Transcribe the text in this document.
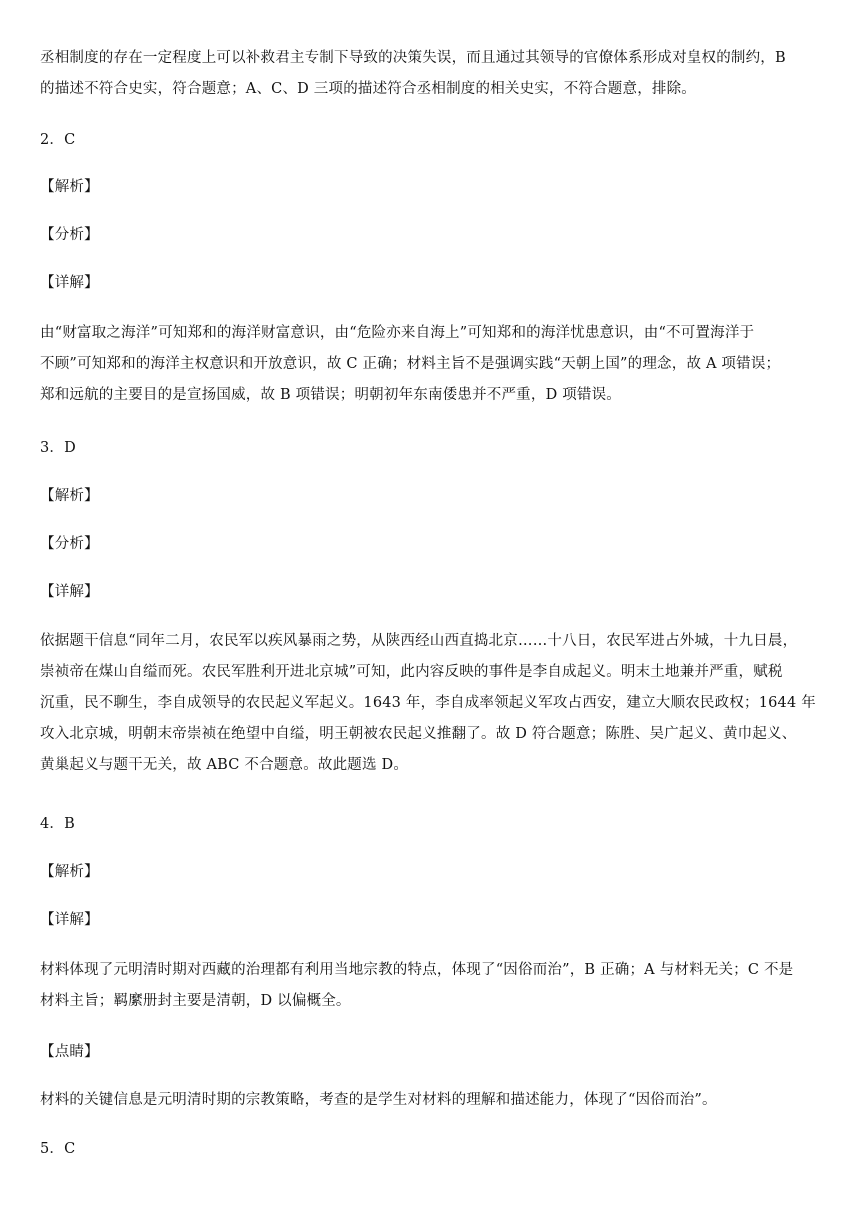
丞相制度的存在一定程度上可以补救君主专制下导致的决策失误，而且通过其领导的官僚体系形成对皇权的制约，B
的描述不符合史实，符合题意；A、C、D 三项的描述符合丞相制度的相关史实，不符合题意，排除。
2．C
【解析】
【分析】
【详解】
由“财富取之海洋”可知郑和的海洋财富意识，由“危险亦来自海上”可知郑和的海洋忧患意识，由“不可置海洋于
不顾”可知郑和的海洋主权意识和开放意识，故 C 正确；材料主旨不是强调实践“天朝上国”的理念，故 A 项错误；
郑和远航的主要目的是宣扬国威，故 B 项错误；明朝初年东南倭患并不严重，D 项错误。
3．D
【解析】
【分析】
【详解】
依据题干信息“同年二月，农民军以疾风暴雨之势，从陕西经山西直捣北京……十八日，农民军进占外城，十九日晨，
崇祯帝在煤山自缢而死。农民军胜利开进北京城”可知，此内容反映的事件是李自成起义。明末土地兼并严重，赋税
沉重，民不聊生，李自成领导的农民起义军起义。1643 年，李自成率领起义军攻占西安，建立大顺农民政权；1644 年
攻入北京城，明朝末帝崇祯在绝望中自缢，明王朝被农民起义推翻了。故 D 符合题意；陈胜、吴广起义、黄巾起义、
黄巢起义与题干无关，故 ABC 不合题意。故此题选 D。
4．B
【解析】
【详解】
材料体现了元明清时期对西藏的治理都有利用当地宗教的特点，体现了“因俗而治”，B 正确；A 与材料无关；C 不是
材料主旨；羁縻册封主要是清朝，D 以偏概全。
【点睛】
材料的关键信息是元明清时期的宗教策略，考查的是学生对材料的理解和描述能力，体现了“因俗而治”。
5．C
